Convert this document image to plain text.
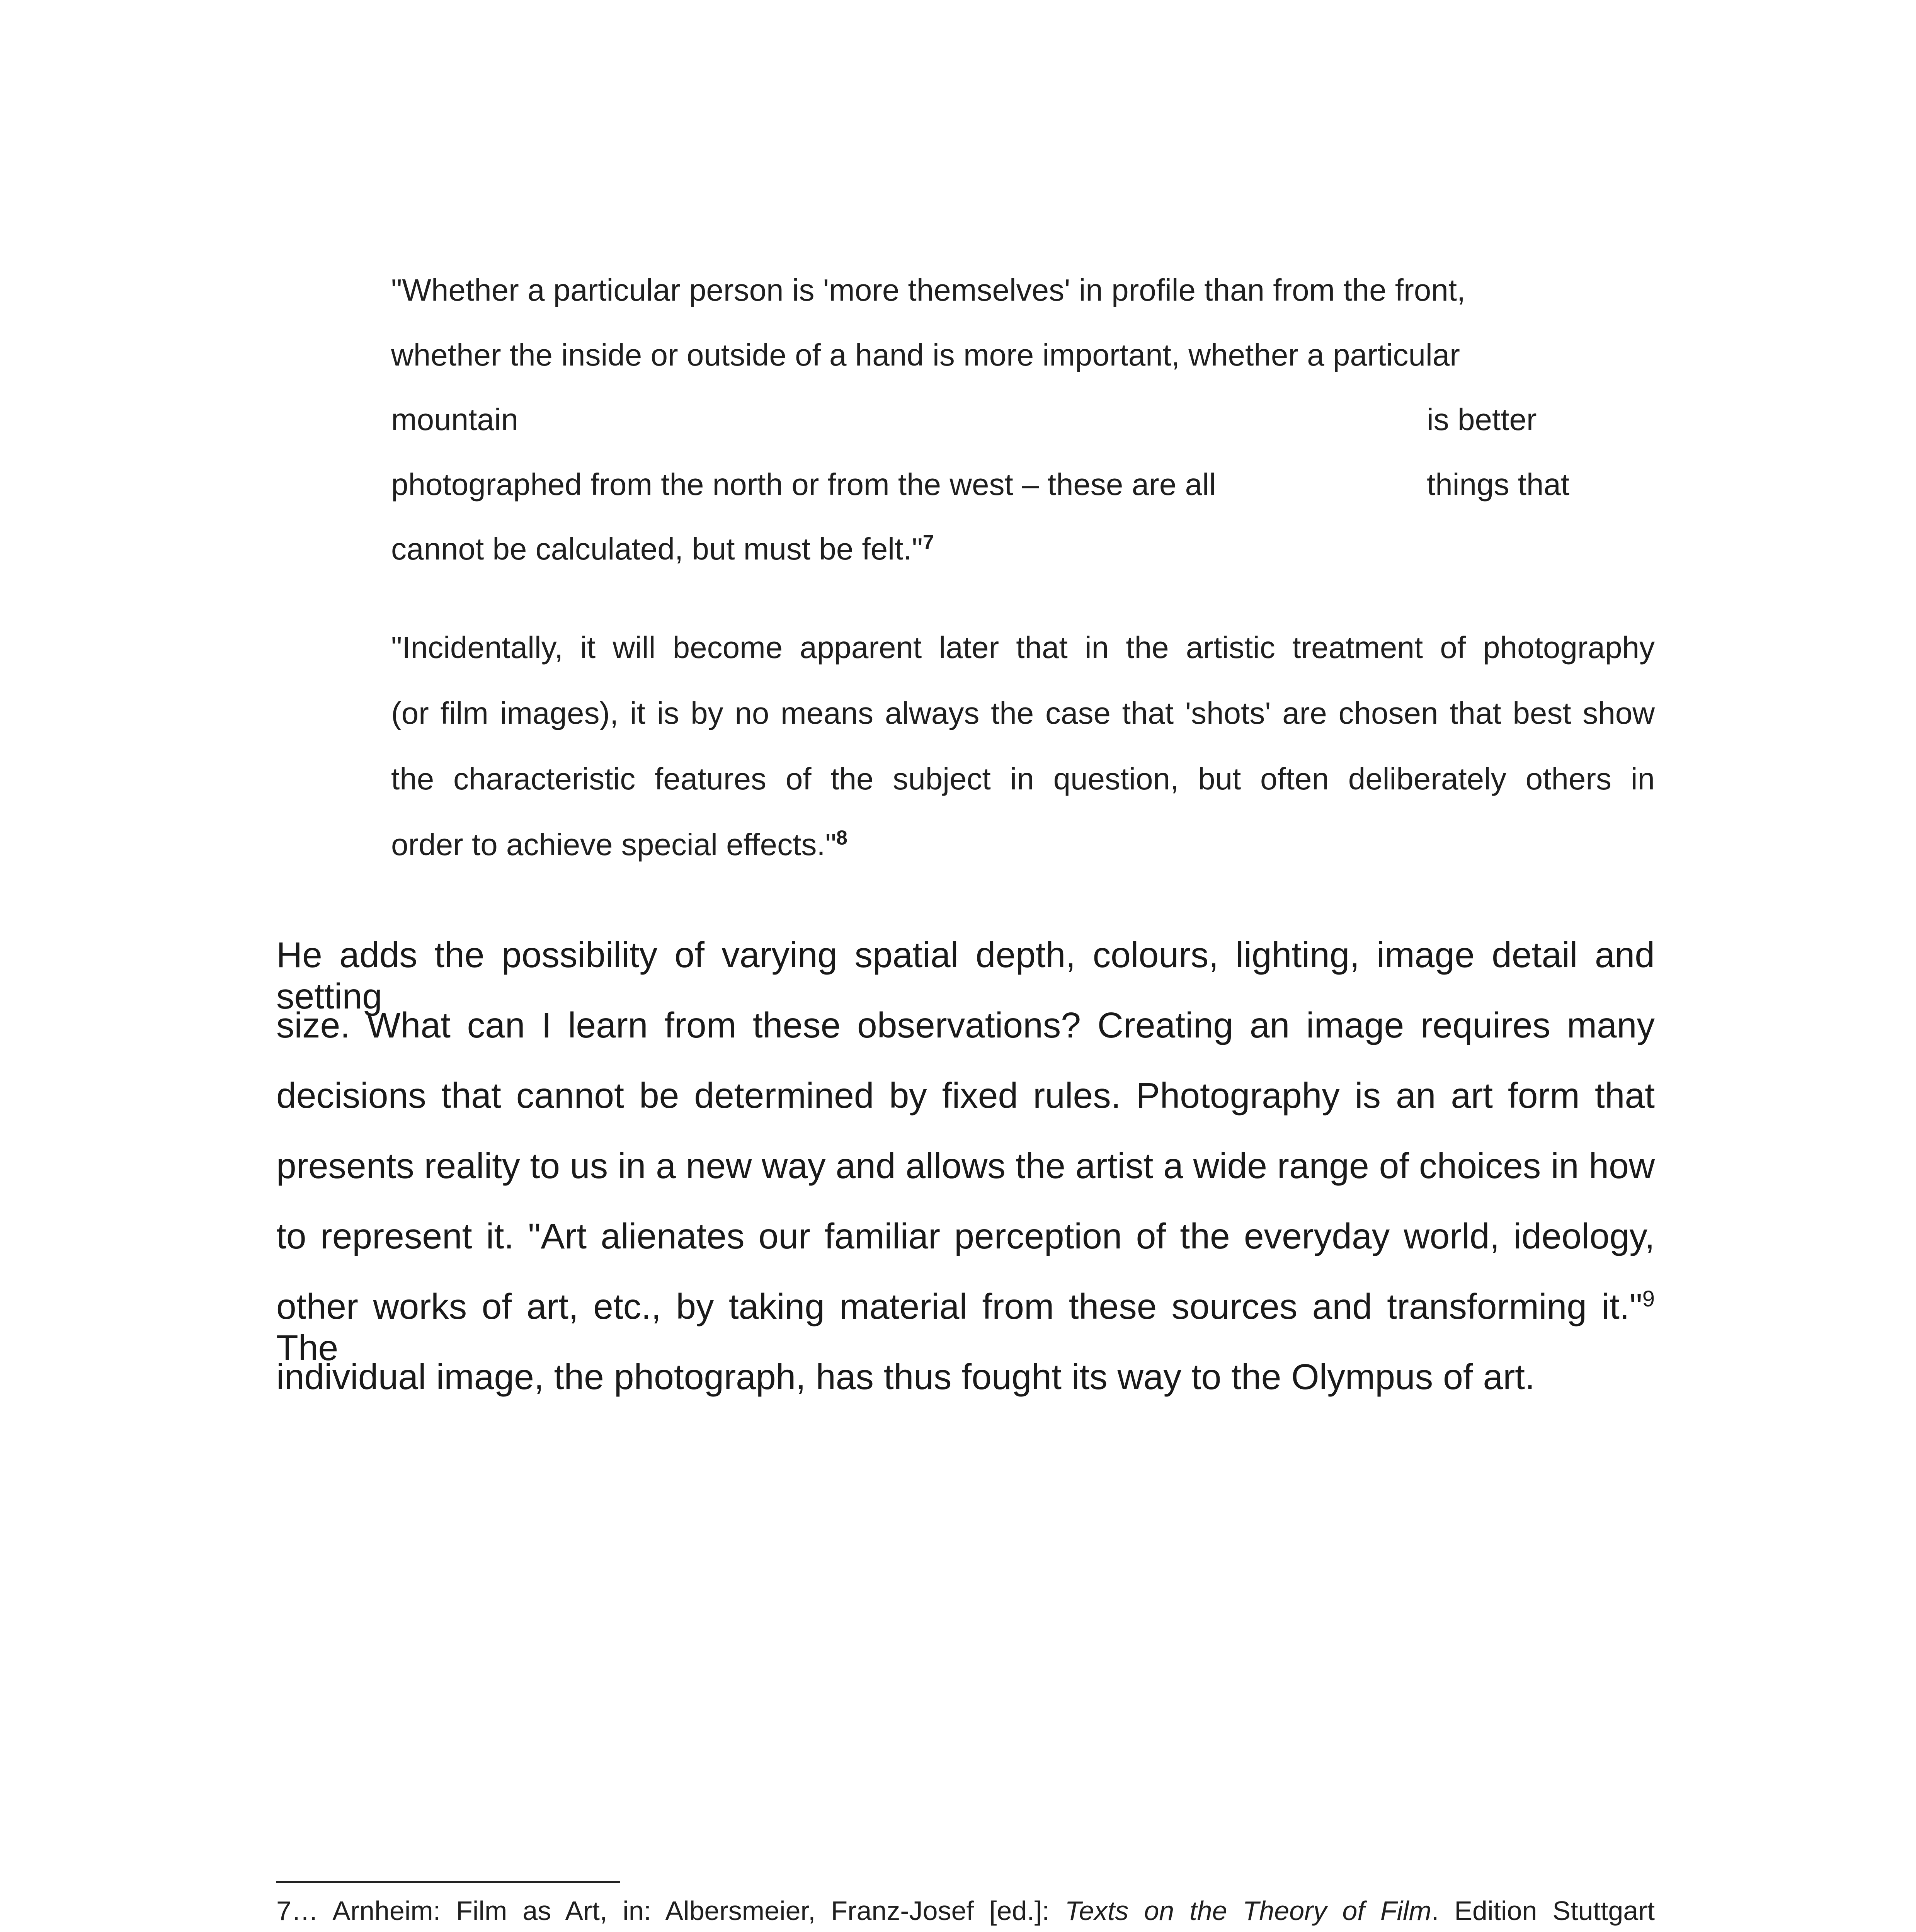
"Whether a particular person is 'more themselves' in profile than from the front,
whether the inside or outside of a hand is more important, whether a particular
mountain	is better
photographed from the north or from the west – these are all	things that
cannot be calculated, but must be felt."$^7$
"Incidentally, it will become apparent later that in the artistic treatment of photography
(or film images), it is by no means always the case that 'shots' are chosen that best show
the characteristic features of the subject in question, but often deliberately others in
order to achieve special effects."$^8$
He adds the possibility of varying spatial depth, colours, lighting, image detail and setting
size. What can I learn from these observations? Creating an image requires many
decisions that cannot be determined by fixed rules. Photography is an art form that
presents reality to us in a new way and allows the artist a wide range of choices in how
to represent it. "Art alienates our familiar perception of the everyday world, ideology,
other works of art, etc., by taking material from these sources and transforming it."$^9$ The
individual image, the photograph, has thus fought its way to the Olympus of art.
7… Arnheim: Film as Art, in: Albersmeier, Franz-Josef [ed.]: Texts on the Theory of Film. Edition Stuttgart
